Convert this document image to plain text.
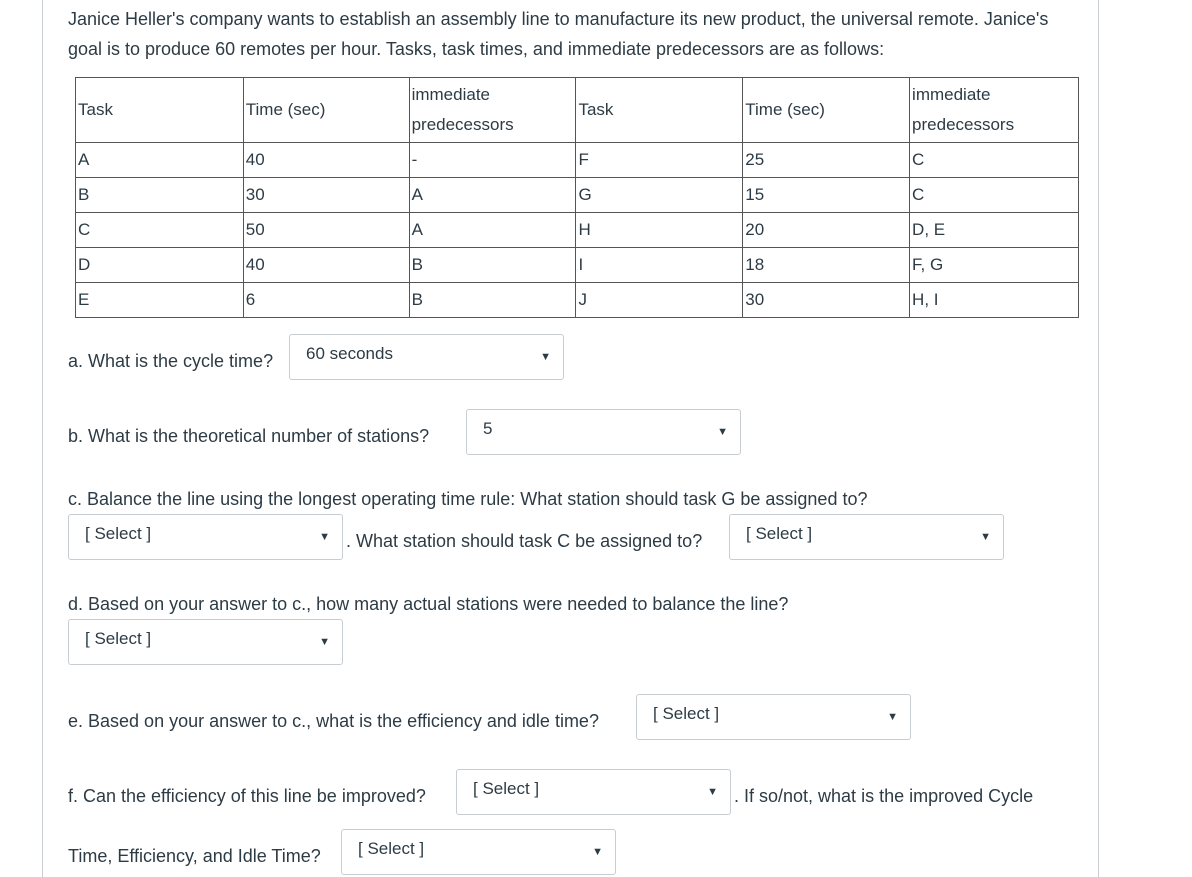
Janice Heller's company wants to establish an assembly line to manufacture its new product, the universal remote. Janice's goal is to produce 60 remotes per hour. Tasks, task times, and immediate predecessors are as follows:
Task	Time (sec)	immediate predecessors	Task	Time (sec)	immediate predecessors
A	40	-	F	25	C
B	30	A	G	15	C
C	50	A	H	20	D, E
D	40	B	I	18	F, G
E	6	B	J	30	H, I
a. What is the cycle time? 60 seconds	▼
b. What is the theoretical number of stations?	5	▼
c. Balance the line using the longest operating time rule: What station should task G be assigned to?
[ Select ]	▼ . What station should task C be assigned to?	[ Select ]	▼
d. Based on your answer to c., how many actual stations were needed to balance the line?
[ Select ]	▼
e. Based on your answer to c., what is the efficiency and idle time?	[ Select ]	▼
f. Can the efficiency of this line be improved?	[ Select ]	▼ . If so/not, what is the improved Cycle
Time, Efficiency, and Idle Time? [ Select ]	▼
